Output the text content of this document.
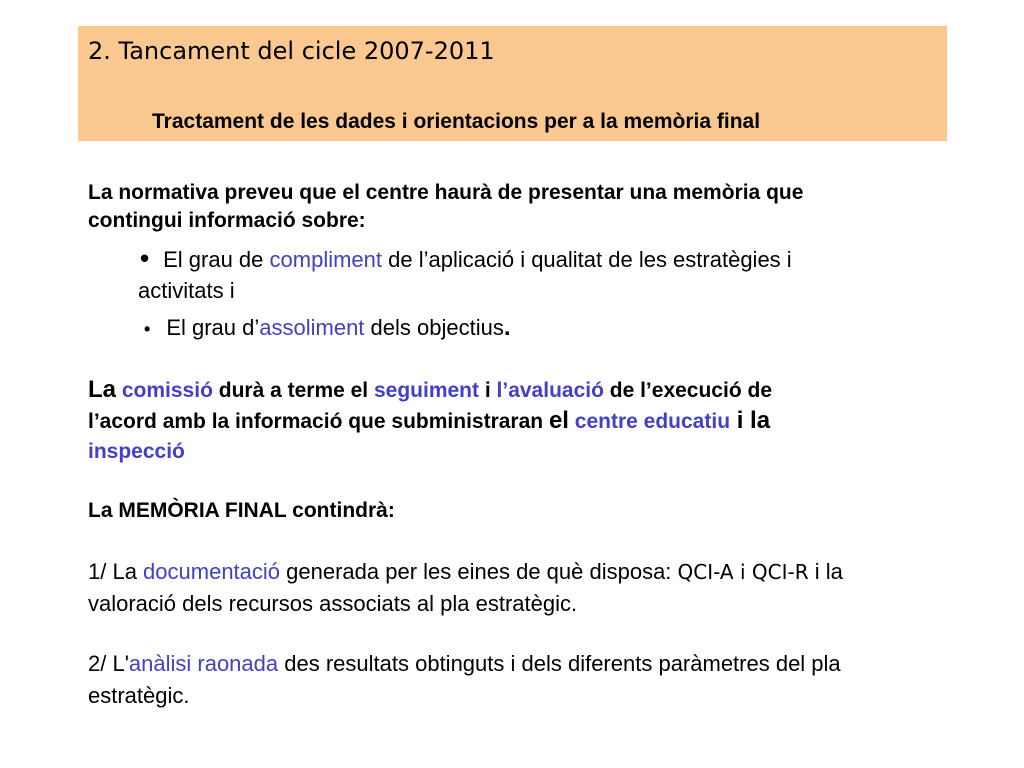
2. Tancament del cicle 2007-2011
Tractament de les dades i orientacions per a la memòria final
La normativa preveu que el centre haurà de presentar una memòria que
contingui informació sobre:
• El grau de compliment de l’aplicació i qualitat de les estratègies i
activitats i
• El grau d’assoliment dels objectius.
La comissió durà a terme el seguiment i l’avaluació de l’execució de
l’acord amb la informació que subministraran el centre educatiu i la
inspecció
La MEMÒRIA FINAL contindrà:
1/ La documentació generada per les eines de què disposa: QCI-A i QCI-R i la
valoració dels recursos associats al pla estratègic.
2/ L'anàlisi raonada des resultats obtinguts i dels diferents paràmetres del pla
estratègic.
